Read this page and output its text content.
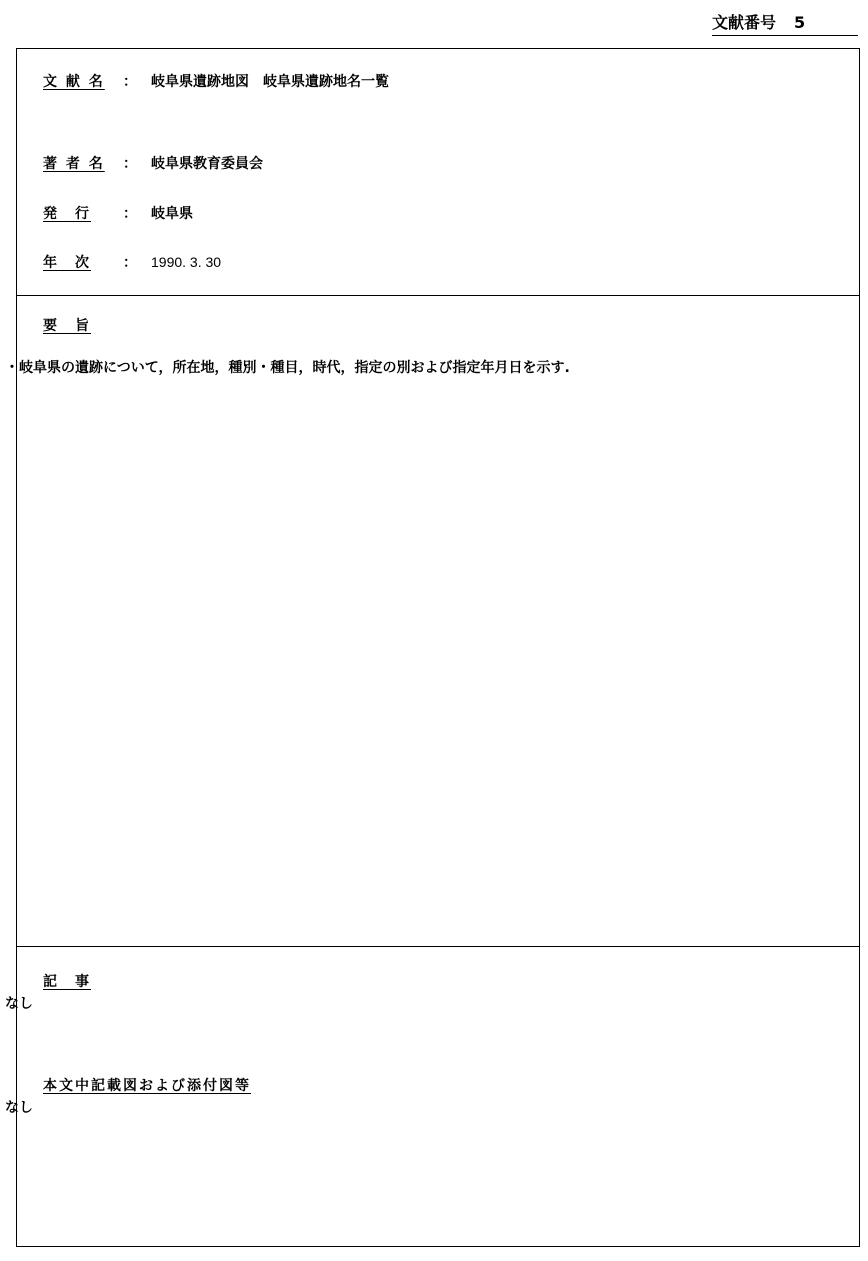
文献番号 5
文 献 名 ： 岐阜県遺跡地図　岐阜県遺跡地名一覧
著 者 名 ： 岐阜県教育委員会
発　行 ： 岐阜県
年　次 ： 1990. 3. 30
要　旨
・岐阜県の遺跡について，所在地，種別・種目，時代，指定の別および指定年月日を示す.
記　事
なし
本文中記載図および添付図等
なし
